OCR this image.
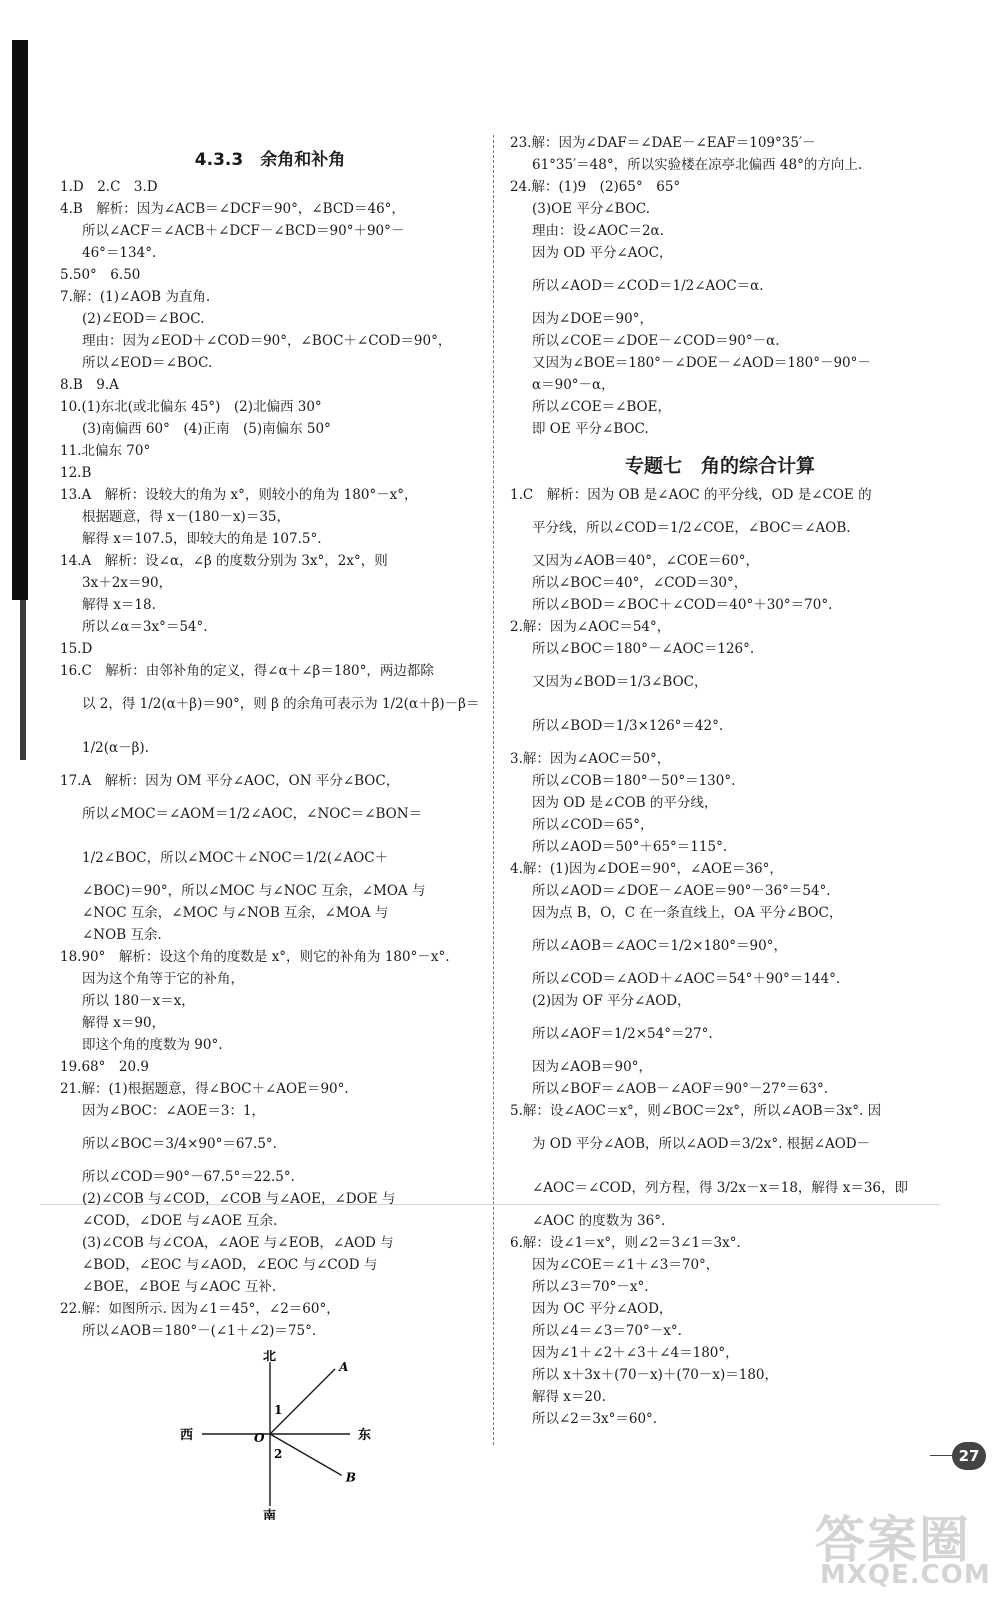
4.3.3　余角和补角
1.D　2.C　3.D
4.B　解析：因为∠ACB＝∠DCF＝90°，∠BCD＝46°，
所以∠ACF＝∠ACB＋∠DCF－∠BCD＝90°＋90°－
46°＝134°.
5.50°　6.50
7.解：(1)∠AOB 为直角.
(2)∠EOD＝∠BOC.
理由：因为∠EOD＋∠COD＝90°，∠BOC＋∠COD＝90°，
所以∠EOD＝∠BOC.
8.B　9.A
10.(1)东北(或北偏东 45°)　(2)北偏西 30°
(3)南偏西 60°　(4)正南　(5)南偏东 50°
11.北偏东 70°
12.B
13.A　解析：设较大的角为 x°，则较小的角为 180°－x°，
根据题意，得 x－(180－x)＝35，
解得 x＝107.5，即较大的角是 107.5°.
14.A　解析：设∠α，∠β 的度数分别为 3x°，2x°，则
3x＋2x＝90，
解得 x＝18.
所以∠α＝3x°＝54°.
15.D
16.C　解析：由邻补角的定义，得∠α＋∠β＝180°，两边都除
以 2，得 1/2(α＋β)＝90°，则 β 的余角可表示为 1/2(α＋β)－β＝
1/2(α－β).
17.A　解析：因为 OM 平分∠AOC，ON 平分∠BOC，
所以∠MOC＝∠AOM＝1/2∠AOC，∠NOC＝∠BON＝
1/2∠BOC，所以∠MOC＋∠NOC＝1/2(∠AOC＋
∠BOC)＝90°，所以∠MOC 与∠NOC 互余，∠MOA 与
∠NOC 互余，∠MOC 与∠NOB 互余，∠MOA 与
∠NOB 互余.
18.90°　解析：设这个角的度数是 x°，则它的补角为 180°－x°.
因为这个角等于它的补角，
所以 180－x＝x，
解得 x＝90，
即这个角的度数为 90°.
19.68°　20.9
21.解：(1)根据题意，得∠BOC＋∠AOE＝90°.
因为∠BOC：∠AOE＝3：1，
所以∠BOC＝3/4×90°＝67.5°.
所以∠COD＝90°－67.5°＝22.5°.
(2)∠COB 与∠COD，∠COB 与∠AOE，∠DOE 与
∠COD，∠DOE 与∠AOE 互余.
(3)∠COB 与∠COA，∠AOE 与∠EOB，∠AOD 与
∠BOD，∠EOC 与∠AOD，∠EOC 与∠COD 与
∠BOE，∠BOE 与∠AOC 互补.
22.解：如图所示. 因为∠1＝45°，∠2＝60°，
所以∠AOB＝180°－(∠1＋∠2)＝75°.
北
南
西	东
A
B
O
1
2
23.解：因为∠DAF＝∠DAE－∠EAF＝109°35′－
61°35′＝48°，所以实验楼在凉亭北偏西 48°的方向上.
24.解：(1)9　(2)65°　65°
(3)OE 平分∠BOC.
理由：设∠AOC＝2α.
因为 OD 平分∠AOC，
所以∠AOD＝∠COD＝1/2∠AOC＝α.
因为∠DOE＝90°，
所以∠COE＝∠DOE－∠COD＝90°－α.
又因为∠BOE＝180°－∠DOE－∠AOD＝180°－90°－
α＝90°－α，
所以∠COE＝∠BOE，
即 OE 平分∠BOC.
专题七　角的综合计算
1.C　解析：因为 OB 是∠AOC 的平分线，OD 是∠COE 的
平分线，所以∠COD＝1/2∠COE，∠BOC＝∠AOB.
又因为∠AOB＝40°，∠COE＝60°，
所以∠BOC＝40°，∠COD＝30°，
所以∠BOD＝∠BOC＋∠COD＝40°＋30°＝70°.
2.解：因为∠AOC＝54°，
所以∠BOC＝180°－∠AOC＝126°.
又因为∠BOD＝1/3∠BOC，
所以∠BOD＝1/3×126°＝42°.
3.解：因为∠AOC＝50°，
所以∠COB＝180°－50°＝130°.
因为 OD 是∠COB 的平分线，
所以∠COD＝65°，
所以∠AOD＝50°＋65°＝115°.
4.解：(1)因为∠DOE＝90°，∠AOE＝36°，
所以∠AOD＝∠DOE－∠AOE＝90°－36°＝54°.
因为点 B，O，C 在一条直线上，OA 平分∠BOC，
所以∠AOB＝∠AOC＝1/2×180°＝90°，
所以∠COD＝∠AOD＋∠AOC＝54°＋90°＝144°.
(2)因为 OF 平分∠AOD，
所以∠AOF＝1/2×54°＝27°.
因为∠AOB＝90°，
所以∠BOF＝∠AOB－∠AOF＝90°－27°＝63°.
5.解：设∠AOC＝x°，则∠BOC＝2x°，所以∠AOB＝3x°. 因
为 OD 平分∠AOB，所以∠AOD＝3/2x°. 根据∠AOD－
∠AOC＝∠COD，列方程，得 3/2x－x＝18，解得 x＝36，即
∠AOC 的度数为 36°.
6.解：设∠1＝x°，则∠2＝3∠1＝3x°.
因为∠COE＝∠1＋∠3＝70°，
所以∠3＝70°－x°.
因为 OC 平分∠AOD，
所以∠4＝∠3＝70°－x°.
因为∠1＋∠2＋∠3＋∠4＝180°，
所以 x＋3x＋(70－x)＋(70－x)＝180，
解得 x＝20.
所以∠2＝3x°＝60°.
27
答案圈
MXQE.COM
